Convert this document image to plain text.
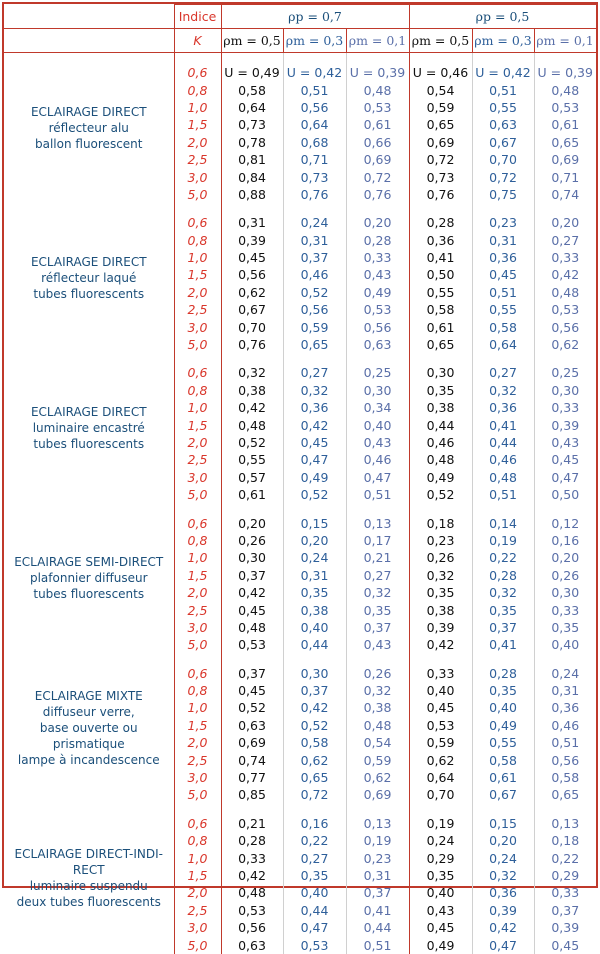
	Indice	ρp = 0,7			ρp = 0,5		
	K	ρm = 0,5	ρm = 0,3	ρm = 0,1	ρm = 0,5	ρm = 0,3	ρm = 0,1

ECLAIRAGE DIRECT
réflecteur alu
ballon fluorescent	0,6	U = 0,49	U = 0,42	U = 0,39	U = 0,46	U = 0,42	U = 0,39
	0,8	0,58	0,51	0,48	0,54	0,51	0,48
	1,0	0,64	0,56	0,53	0,59	0,55	0,53
	1,5	0,73	0,64	0,61	0,65	0,63	0,61
	2,0	0,78	0,68	0,66	0,69	0,67	0,65
	2,5	0,81	0,71	0,69	0,72	0,70	0,69
	3,0	0,84	0,73	0,72	0,73	0,72	0,71
	5,0	0,88	0,76	0,76	0,76	0,75	0,74

ECLAIRAGE DIRECT
réflecteur laqué
tubes fluorescents	0,6	0,31	0,24	0,20	0,28	0,23	0,20
	0,8	0,39	0,31	0,28	0,36	0,31	0,27
	1,0	0,45	0,37	0,33	0,41	0,36	0,33
	1,5	0,56	0,46	0,43	0,50	0,45	0,42
	2,0	0,62	0,52	0,49	0,55	0,51	0,48
	2,5	0,67	0,56	0,53	0,58	0,55	0,53
	3,0	0,70	0,59	0,56	0,61	0,58	0,56
	5,0	0,76	0,65	0,63	0,65	0,64	0,62

ECLAIRAGE DIRECT
luminaire encastré
tubes fluorescents	0,6	0,32	0,27	0,25	0,30	0,27	0,25
	0,8	0,38	0,32	0,30	0,35	0,32	0,30
	1,0	0,42	0,36	0,34	0,38	0,36	0,33
	1,5	0,48	0,42	0,40	0,44	0,41	0,39
	2,0	0,52	0,45	0,43	0,46	0,44	0,43
	2,5	0,55	0,47	0,46	0,48	0,46	0,45
	3,0	0,57	0,49	0,47	0,49	0,48	0,47
	5,0	0,61	0,52	0,51	0,52	0,51	0,50

ECLAIRAGE SEMI-DIRECT
plafonnier diffuseur
tubes fluorescents	0,6	0,20	0,15	0,13	0,18	0,14	0,12
	0,8	0,26	0,20	0,17	0,23	0,19	0,16
	1,0	0,30	0,24	0,21	0,26	0,22	0,20
	1,5	0,37	0,31	0,27	0,32	0,28	0,26
	2,0	0,42	0,35	0,32	0,35	0,32	0,30
	2,5	0,45	0,38	0,35	0,38	0,35	0,33
	3,0	0,48	0,40	0,37	0,39	0,37	0,35
	5,0	0,53	0,44	0,43	0,42	0,41	0,40

ECLAIRAGE MIXTE
diffuseur verre,
base ouverte ou prismatique
lampe à incandescence	0,6	0,37	0,30	0,26	0,33	0,28	0,24
	0,8	0,45	0,37	0,32	0,40	0,35	0,31
	1,0	0,52	0,42	0,38	0,45	0,40	0,36
	1,5	0,63	0,52	0,48	0,53	0,49	0,46
	2,0	0,69	0,58	0,54	0,59	0,55	0,51
	2,5	0,74	0,62	0,59	0,62	0,58	0,56
	3,0	0,77	0,65	0,62	0,64	0,61	0,58
	5,0	0,85	0,72	0,69	0,70	0,67	0,65

ECLAIRAGE DIRECT-INDI-
RECT
luminaire suspendu
deux tubes fluorescents	0,6	0,21	0,16	0,13	0,19	0,15	0,13
	0,8	0,28	0,22	0,19	0,24	0,20	0,18
	1,0	0,33	0,27	0,23	0,29	0,24	0,22
	1,5	0,42	0,35	0,31	0,35	0,32	0,29
	2,0	0,48	0,40	0,37	0,40	0,36	0,33
	2,5	0,53	0,44	0,41	0,43	0,39	0,37
	3,0	0,56	0,47	0,44	0,45	0,42	0,39
	5,0	0,63	0,53	0,51	0,49	0,47	0,45
